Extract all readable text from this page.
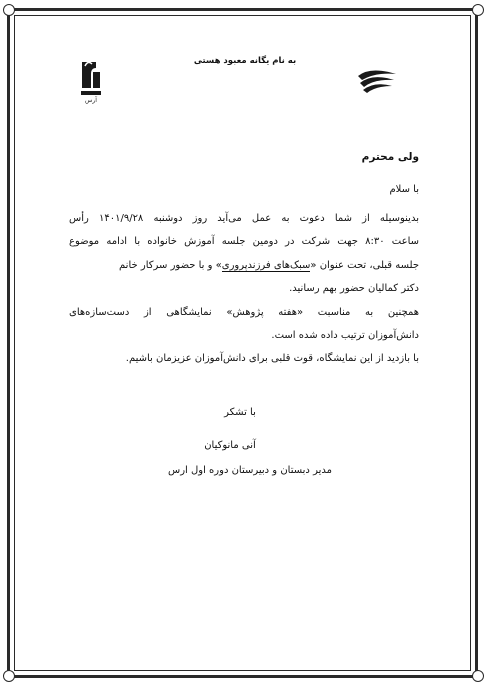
به نام یگانه معبود هستی
آرس
ولی محترم
با سلام
بدینوسیله از شما دعوت به عمل می‌آید روز دوشنبه ۱۴۰۱/۹/۲۸ رأس
ساعت ۸:۳۰ جهت شرکت در دومین جلسه آموزش خانواده با ادامه موضوع
جلسه قبلی، تحت عنوان «سبک‌های فرزندپروری» و با حضور سرکار خانم
دکتر کمالیان حضور بهم رسانید.
همچنین به مناسبت «هفته پژوهش» نمایشگاهی از دست‌سازه‌های
دانش‌آموزان ترتیب داده شده است.
با بازدید از این نمایشگاه، قوت قلبی برای دانش‌آموزان عزیزمان باشیم.
با تشکر
آنی مانوکیان
مدیر دبستان و دبیرستان دوره اول ارس
